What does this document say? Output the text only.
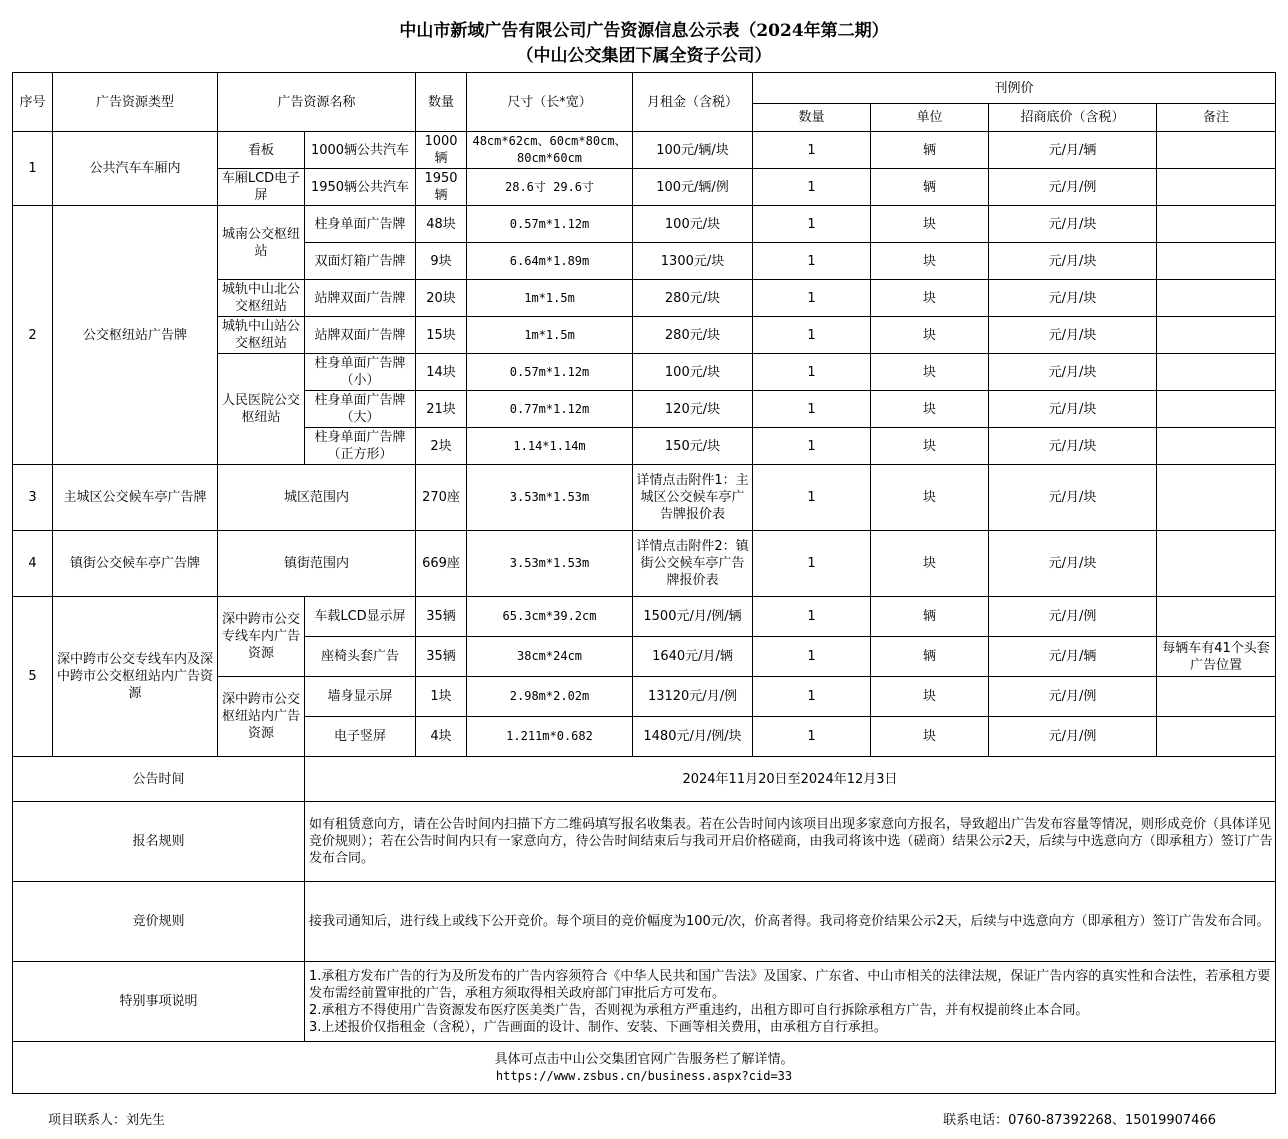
中山市新域广告有限公司广告资源信息公示表（2024年第二期）
（中山公交集团下属全资子公司）
序号	广告资源类型	广告资源名称		数量	尺寸（长*宽）	月租金（含税）	刊例价			
							数量	单位	招商底价（含税）	备注
1	公共汽车车厢内	看板	1000辆公共汽车	1000辆	48cm*62cm、60cm*80cm、80cm*60cm	100元/辆/块	1	辆	元/月/辆	
		车厢LCD电子屏	1950辆公共汽车	1950辆	28.6寸 29.6寸	100元/辆/例	1	辆	元/月/例	
2	公交枢纽站广告牌	城南公交枢纽站	柱身单面广告牌	48块	0.57m*1.12m	100元/块	1	块	元/月/块	
			双面灯箱广告牌	9块	6.64m*1.89m	1300元/块	1	块	元/月/块	
		城轨中山北公交枢纽站	站牌双面广告牌	20块	1m*1.5m	280元/块	1	块	元/月/块	
		城轨中山站公交枢纽站	站牌双面广告牌	15块	1m*1.5m	280元/块	1	块	元/月/块	
		人民医院公交枢纽站	柱身单面广告牌（小）	14块	0.57m*1.12m	100元/块	1	块	元/月/块	
			柱身单面广告牌（大）	21块	0.77m*1.12m	120元/块	1	块	元/月/块	
			柱身单面广告牌（正方形）	2块	1.14*1.14m	150元/块	1	块	元/月/块	
3	主城区公交候车亭广告牌	城区范围内		270座	3.53m*1.53m	详情点击附件1：主城区公交候车亭广告牌报价表	1	块	元/月/块	
4	镇街公交候车亭广告牌	镇街范围内		669座	3.53m*1.53m	详情点击附件2：镇街公交候车亭广告牌报价表	1	块	元/月/块	
5	深中跨市公交专线车内及深中跨市公交枢纽站内广告资源	深中跨市公交专线车内广告资源	车载LCD显示屏	35辆	65.3cm*39.2cm	1500元/月/例/辆	1	辆	元/月/例	
			座椅头套广告	35辆	38cm*24cm	1640元/月/辆	1	辆	元/月/辆	每辆车有41个头套广告位置
		深中跨市公交枢纽站内广告资源	墙身显示屏	1块	2.98m*2.02m	13120元/月/例	1	块	元/月/例	
			电子竖屏	4块	1.211m*0.682	1480元/月/例/块	1	块	元/月/例	
公告时间			2024年11月20日至2024年12月3日							
报名规则			如有租赁意向方，请在公告时间内扫描下方二维码填写报名收集表。若在公告时间内该项目出现多家意向方报名，导致超出广告发布容量等情况，则形成竞价（具体详见竞价规则）；若在公告时间内只有一家意向方，待公告时间结束后与我司开启价格磋商，由我司将该中选（磋商）结果公示2天，后续与中选意向方（即承租方）签订广告发布合同。							
竞价规则			接我司通知后，进行线上或线下公开竞价。每个项目的竞价幅度为100元/次，价高者得。我司将竞价结果公示2天，后续与中选意向方（即承租方）签订广告发布合同。							
特别事项说明			1.承租方发布广告的行为及所发布的广告内容须符合《中华人民共和国广告法》及国家、广东省、中山市相关的法律法规，保证广告内容的真实性和合法性，若承租方要发布需经前置审批的广告，承租方须取得相关政府部门审批后方可发布。
2.承租方不得使用广告资源发布医疗医美类广告，否则视为承租方严重违约，出租方即可自行拆除承租方广告，并有权提前终止本合同。
3.上述报价仅指租金（含税），广告画面的设计、制作、安装、下画等相关费用，由承租方自行承担。							

具体可点击中山公交集团官网广告服务栏了解详情。
https://www.zsbus.cn/business.aspx?cid=33										
项目联系人：刘先生	联系电话：0760-87392268、15019907466
